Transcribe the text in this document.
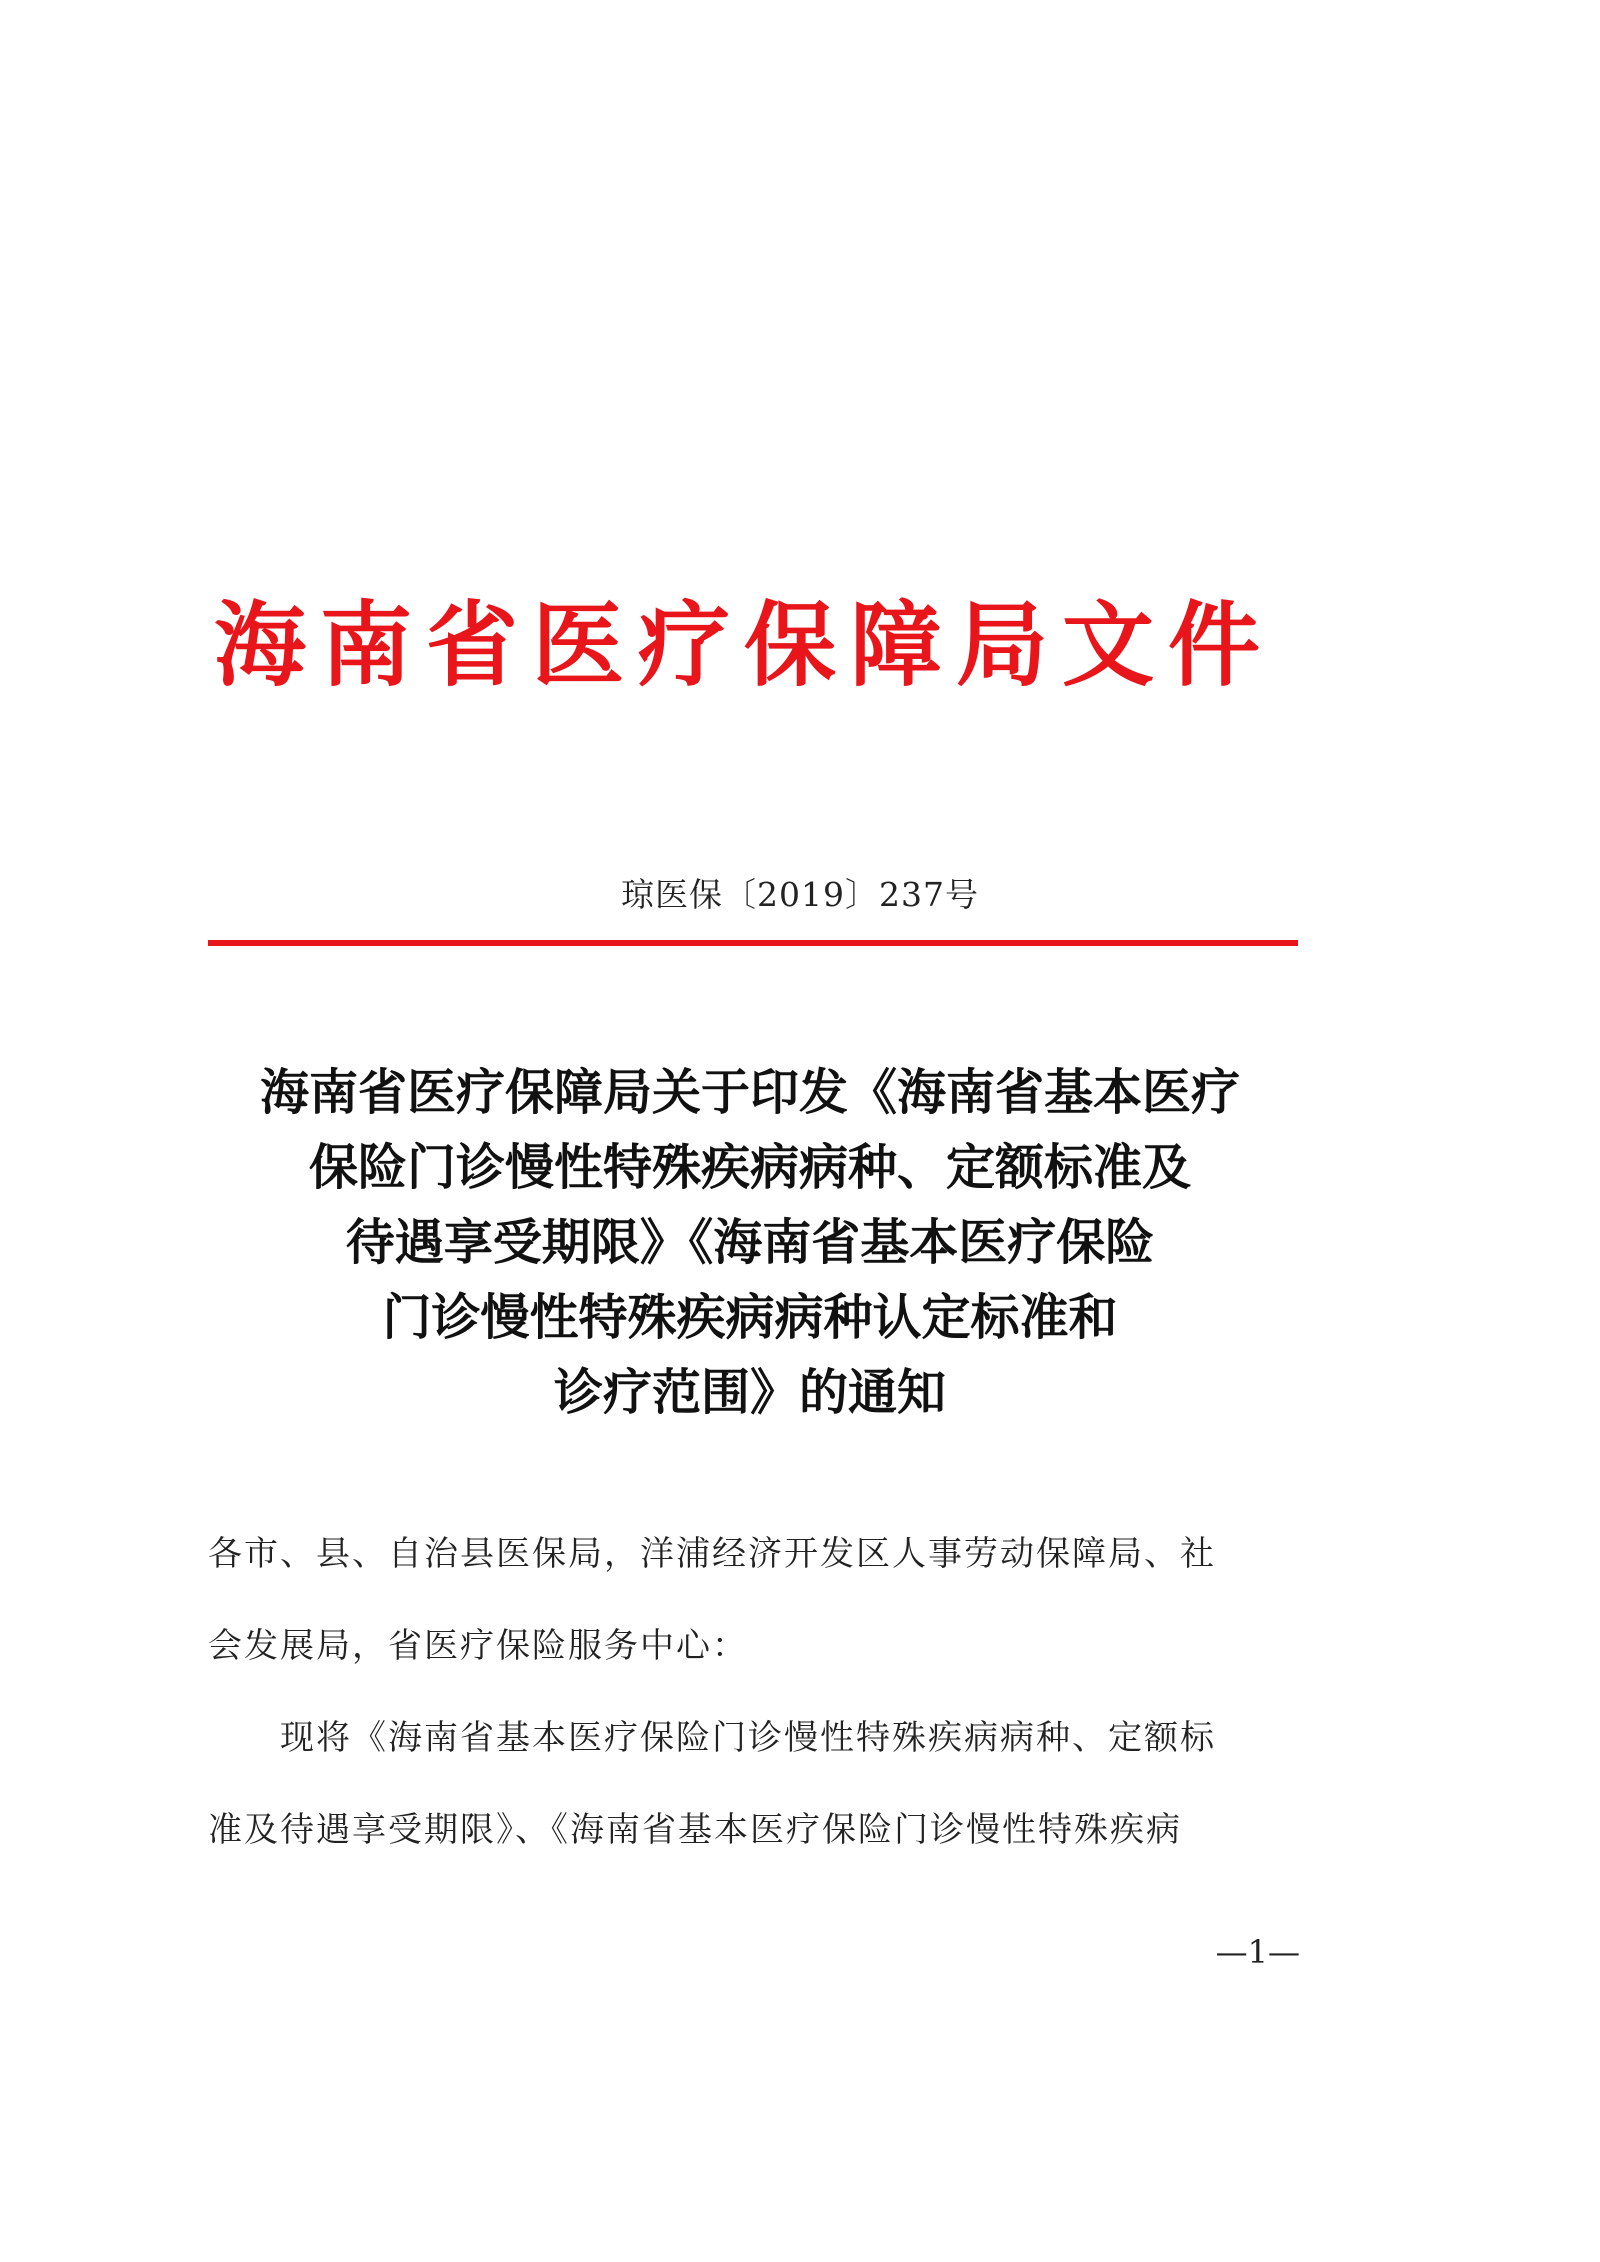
海南省医疗保障局文件
琼医保〔2019〕237号
海南省医疗保障局关于印发《海南省基本医疗
保险门诊慢性特殊疾病病种、定额标准及
待遇享受期限》《海南省基本医疗保险
门诊慢性特殊疾病病种认定标准和
诊疗范围》的通知
各市、县、自治县医保局，洋浦经济开发区人事劳动保障局、社
会发展局，省医疗保险服务中心：
　　现将《海南省基本医疗保险门诊慢性特殊疾病病种、定额标
准及待遇享受期限》、《海南省基本医疗保险门诊慢性特殊疾病
—1—
